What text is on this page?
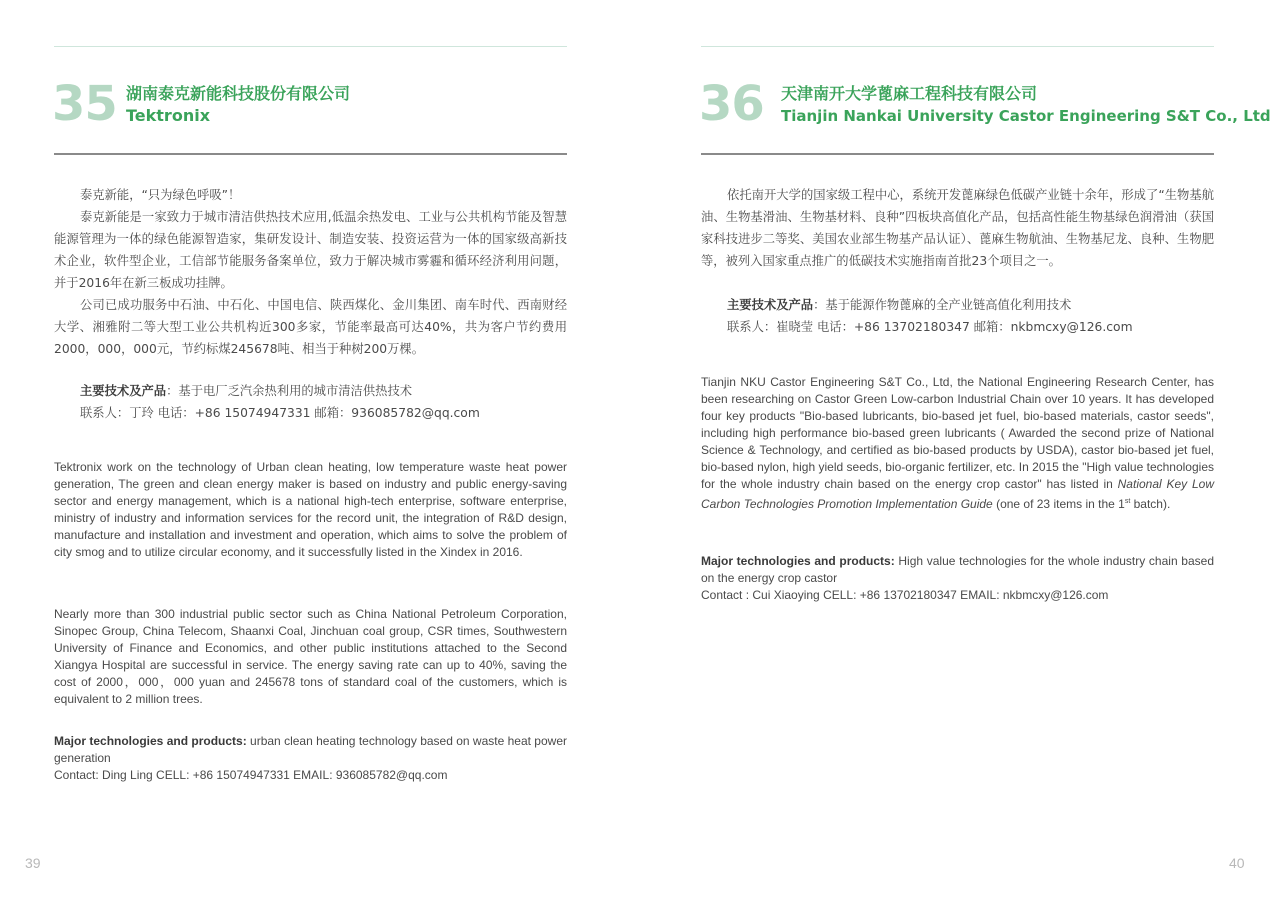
35 湖南泰克新能科技股份有限公司
Tektronix

泰克新能，“只为绿色呼吸”！

泰克新能是一家致力于城市清洁供热技术应用,低温余热发电、工业与公共机构节能及智慧能源管理为一体的绿色能源智造家，集研发设计、制造安装、投资运营为一体的国家级高新技术企业，软件型企业，工信部节能服务备案单位，致力于解决城市雾霾和循环经济利用问题，并于2016年在新三板成功挂牌。

公司已成功服务中石油、中石化、中国电信、陕西煤化、金川集团、南车时代、西南财经大学、湘雅附二等大型工业公共机构近300多家，节能率最高可达40%，共为客户节约费用2000，000，000元，节约标煤245678吨、相当于种树200万棵。

主要技术及产品：基于电厂乏汽余热利用的城市清洁供热技术
联系人：丁玲 电话：+86 15074947331 邮箱：936085782@qq.com

Tektronix work on the technology of Urban clean heating, low temperature waste heat power generation, The green and clean energy maker is based on industry and public energy-saving sector and energy management, which is a national high-tech enterprise, software enterprise, ministry of industry and information services for the record unit, the integration of R&D design, manufacture and installation and investment and operation, which aims to solve the problem of city smog and to utilize circular economy, and it successfully listed in the Xindex in 2016.

Nearly more than 300 industrial public sector such as China National Petroleum Corporation, Sinopec Group, China Telecom, Shaanxi Coal, Jinchuan coal group, CSR times, Southwestern University of Finance and Economics, and other public institutions attached to the Second Xiangya Hospital are successful in service. The energy saving rate can up to 40%, saving the cost of 2000，000，000 yuan and 245678 tons of standard coal of the customers, which is equivalent to 2 million trees.

Major technologies and products: urban clean heating technology based on waste heat power generation

Contact: Ding Ling CELL: +86 15074947331 EMAIL: 936085782@qq.com

39
36 天津南开大学蓖麻工程科技有限公司
Tianjin Nankai University Castor Engineering S&T Co., Ltd

依托南开大学的国家级工程中心，系统开发蓖麻绿色低碳产业链十余年，形成了“生物基航油、生物基滑油、生物基材料、良种”四板块高值化产品，包括高性能生物基绿色润滑油（获国家科技进步二等奖、美国农业部生物基产品认证）、蓖麻生物航油、生物基尼龙、良种、生物肥等，被列入国家重点推广的低碳技术实施指南首批23个项目之一。

主要技术及产品：基于能源作物蓖麻的全产业链高值化利用技术
联系人：崔晓莹 电话：+86 13702180347 邮箱：nkbmcxy@126.com

Tianjin NKU Castor Engineering S&T Co., Ltd, the National Engineering Research Center, has been researching on Castor Green Low-carbon Industrial Chain over 10 years. It has developed four key products "Bio-based lubricants, bio-based jet fuel, bio-based materials, castor seeds", including high performance bio-based green lubricants ( Awarded the second prize of National Science & Technology, and certified as bio-based products by USDA), castor bio-based jet fuel, bio-based nylon, high yield seeds, bio-organic fertilizer, etc. In 2015 the "High value technologies for the whole industry chain based on the energy crop castor" has listed in National Key Low Carbon Technologies Promotion Implementation Guide (one of 23 items in the 1st batch).

Major technologies and products: High value technologies for the whole industry chain based on the energy crop castor

Contact : Cui Xiaoying CELL: +86 13702180347 EMAIL: nkbmcxy@126.com

40
